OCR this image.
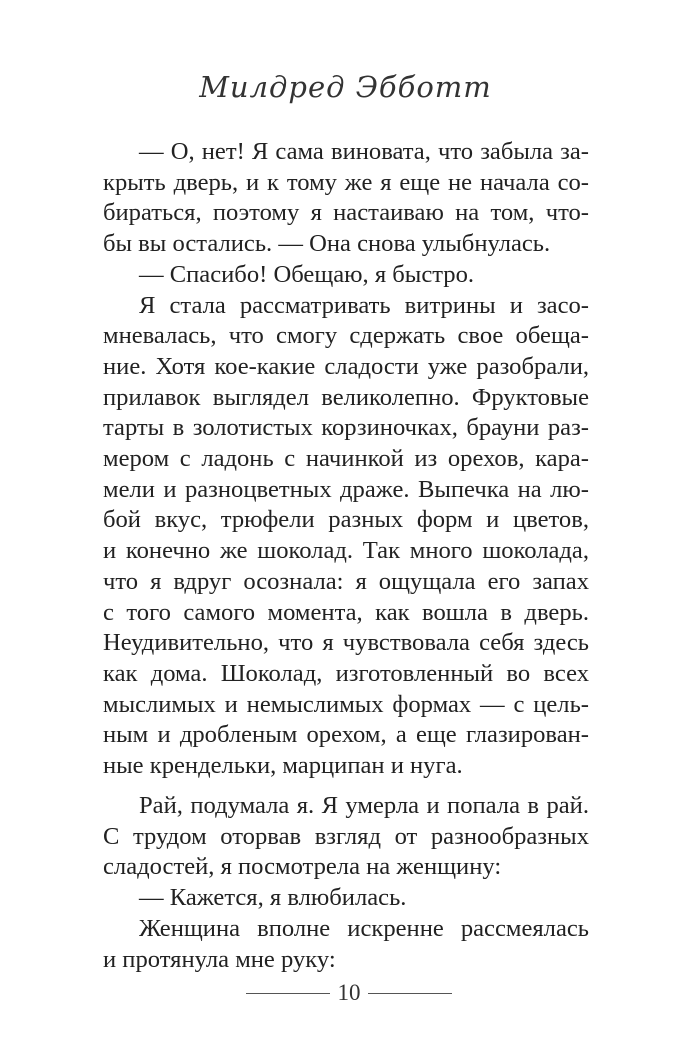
Милдред Эбботт
— О, нет! Я сама виновата, что забыла за-
крыть дверь, и к тому же я еще не начала со-
бираться, поэтому я настаиваю на том, что-
бы вы остались. — Она снова улыбнулась.
— Спасибо! Обещаю, я быстро.
Я стала рассматривать витрины и засо-
мневалась, что смогу сдержать свое обеща-
ние. Хотя кое-какие сладости уже разобрали,
прилавок выглядел великолепно. Фруктовые
тарты в золотистых корзиночках, брауни раз-
мером с ладонь с начинкой из орехов, кара-
мели и разноцветных драже. Выпечка на лю-
бой вкус, трюфели разных форм и цветов,
и конечно же шоколад. Так много шоколада,
что я вдруг осознала: я ощущала его запах
с того самого момента, как вошла в дверь.
Неудивительно, что я чувствовала себя здесь
как дома. Шоколад, изготовленный во всех
мыслимых и немыслимых формах — с цель-
ным и дробленым орехом, а еще глазирован-
ные крендельки, марципан и нуга.
Рай, подумала я. Я умерла и попала в рай.
С трудом оторвав взгляд от разнообразных
сладостей, я посмотрела на женщину:
— Кажется, я влюбилась.
Женщина вполне искренне рассмеялась
и протянула мне руку:
10
